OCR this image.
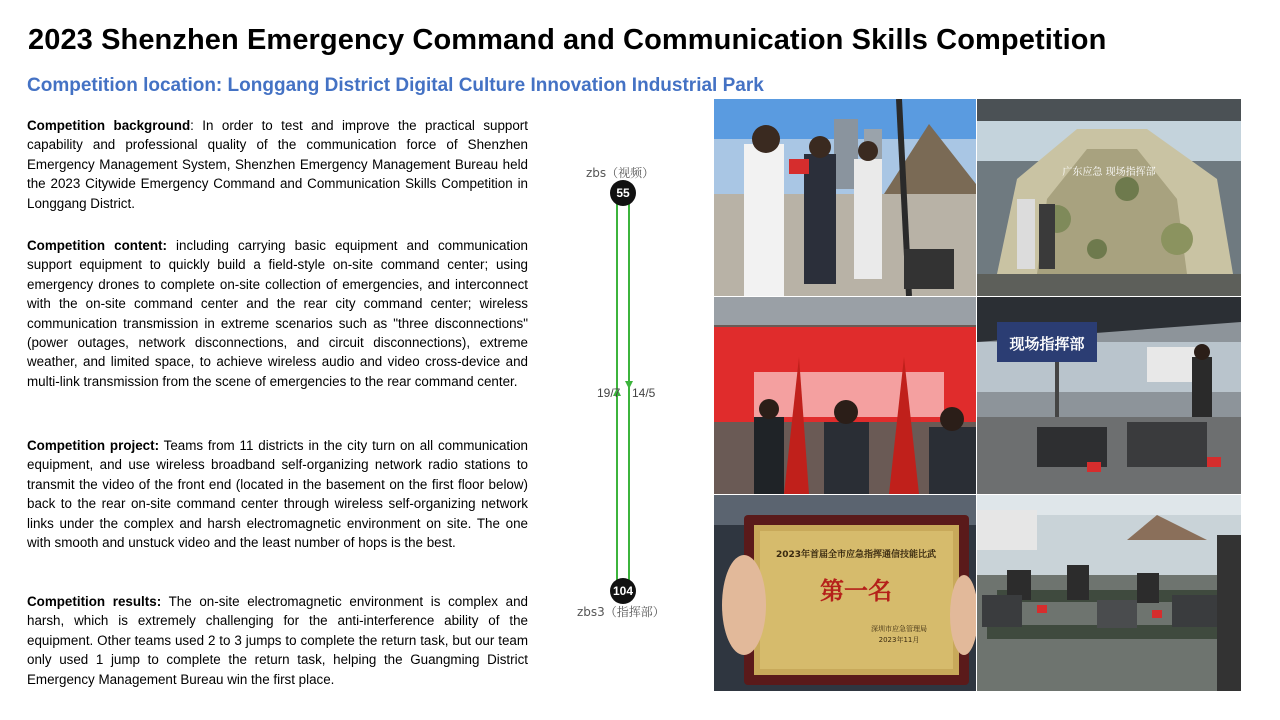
2023 Shenzhen Emergency Command and Communication Skills Competition
Competition location: Longgang District Digital Culture Innovation Industrial Park
Competition background: In order to test and improve the practical support capability and professional quality of the communication force of Shenzhen Emergency Management System, Shenzhen Emergency Management Bureau held the 2023 Citywide Emergency Command and Communication Skills Competition in Longgang District.
Competition content: including carrying basic equipment and communication support equipment to quickly build a field-style on-site command center; using emergency drones to complete on-site collection of emergencies, and interconnect with the on-site command center and the rear city command center; wireless communication transmission in extreme scenarios such as "three disconnections" (power outages, network disconnections, and circuit disconnections), extreme weather, and limited space, to achieve wireless audio and video cross-device and multi-link transmission from the scene of emergencies to the rear command center.
Competition project: Teams from 11 districts in the city turn on all communication equipment, and use wireless broadband self-organizing network radio stations to transmit the video of the front end (located in the basement on the first floor below) back to the rear on-site command center through wireless self-organizing network links under the complex and harsh electromagnetic environment on site. The one with smooth and unstuck video and the least number of hops is the best.
Competition results: The on-site electromagnetic environment is complex and harsh, which is extremely challenging for the anti-interference ability of the equipment. Other teams used 2 to 3 jumps to complete the return task, but our team only used 1 jump to complete the return task, helping the Guangming District Emergency Management Bureau win the first place.
55
104
zbs（视频）
zbs3（指挥部）
19/7 14/5
广东应急 现场指挥部
现场指挥部
2023年首届全市应急指挥通信技能比武
第一名
深圳市应急管理局
2023年11月
